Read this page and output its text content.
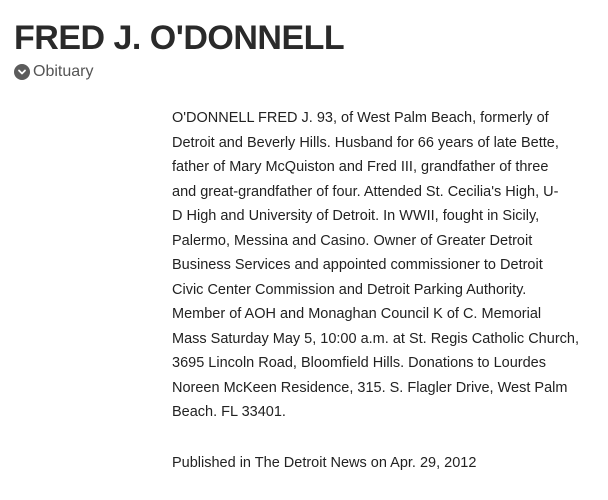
FRED J. O'DONNELL
Obituary
O'DONNELL FRED J. 93, of West Palm Beach, formerly of
Detroit and Beverly Hills. Husband for 66 years of late Bette,
father of Mary McQuiston and Fred III, grandfather of three
and great-grandfather of four. Attended St. Cecilia's High, U-
D High and University of Detroit. In WWII, fought in Sicily,
Palermo, Messina and Casino. Owner of Greater Detroit
Business Services and appointed commissioner to Detroit
Civic Center Commission and Detroit Parking Authority.
Member of AOH and Monaghan Council K of C. Memorial
Mass Saturday May 5, 10:00 a.m. at St. Regis Catholic Church,
3695 Lincoln Road, Bloomfield Hills. Donations to Lourdes
Noreen McKeen Residence, 315. S. Flagler Drive, West Palm
Beach. FL 33401.

Published in The Detroit News on Apr. 29, 2012
